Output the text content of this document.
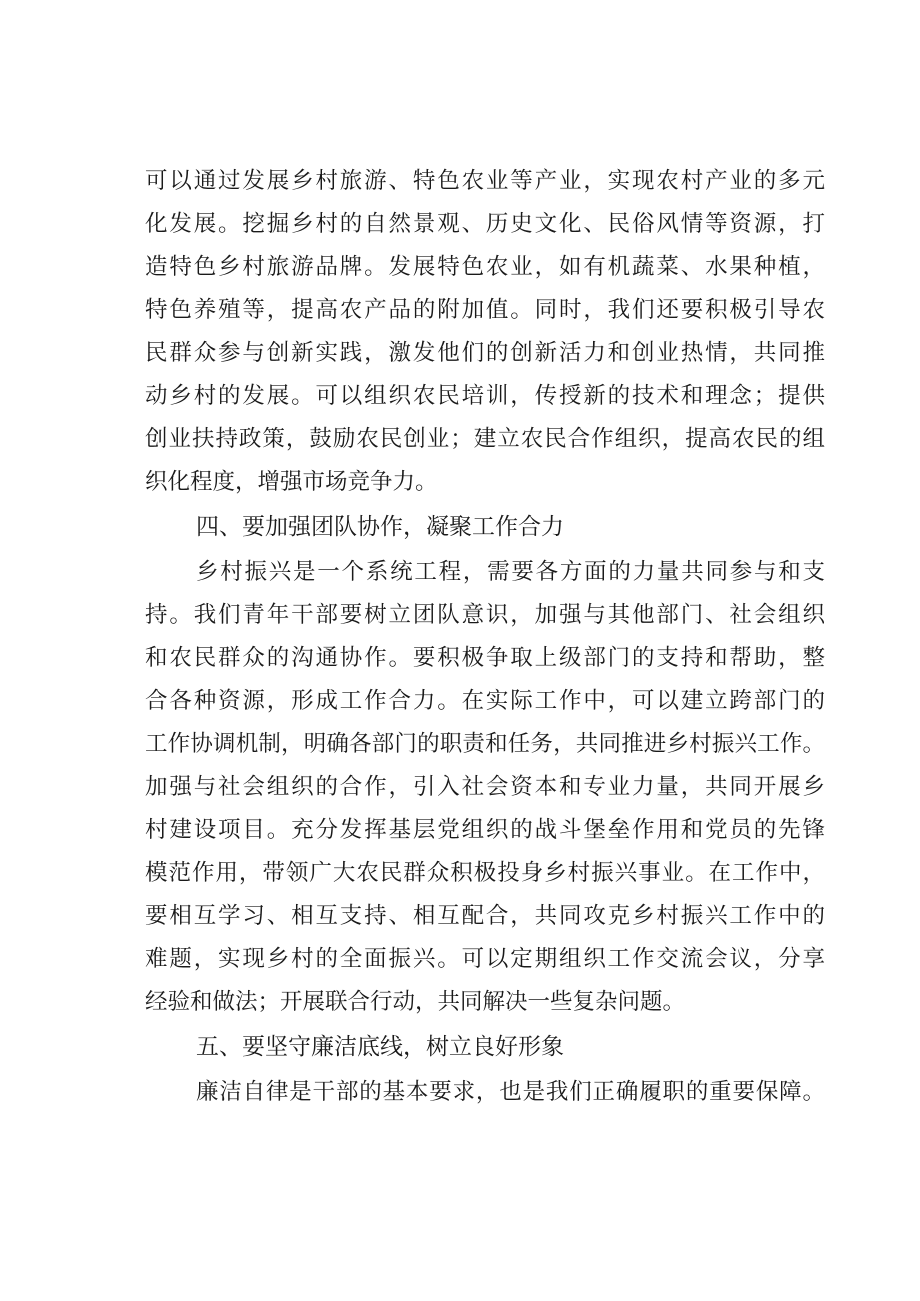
可以通过发展乡村旅游、特色农业等产业，实现农村产业的多元
化发展。挖掘乡村的自然景观、历史文化、民俗风情等资源，打
造特色乡村旅游品牌。发展特色农业，如有机蔬菜、水果种植，
特色养殖等，提高农产品的附加值。同时，我们还要积极引导农
民群众参与创新实践，激发他们的创新活力和创业热情，共同推
动乡村的发展。可以组织农民培训，传授新的技术和理念；提供
创业扶持政策，鼓励农民创业；建立农民合作组织，提高农民的组
织化程度，增强市场竞争力。
四、要加强团队协作，凝聚工作合力
乡村振兴是一个系统工程，需要各方面的力量共同参与和支
持。我们青年干部要树立团队意识，加强与其他部门、社会组织
和农民群众的沟通协作。要积极争取上级部门的支持和帮助，整
合各种资源，形成工作合力。在实际工作中，可以建立跨部门的
工作协调机制，明确各部门的职责和任务，共同推进乡村振兴工作。
加强与社会组织的合作，引入社会资本和专业力量，共同开展乡
村建设项目。充分发挥基层党组织的战斗堡垒作用和党员的先锋
模范作用，带领广大农民群众积极投身乡村振兴事业。在工作中，
要相互学习、相互支持、相互配合，共同攻克乡村振兴工作中的
难题，实现乡村的全面振兴。可以定期组织工作交流会议，分享
经验和做法；开展联合行动，共同解决一些复杂问题。
五、要坚守廉洁底线，树立良好形象
廉洁自律是干部的基本要求，也是我们正确履职的重要保障。
